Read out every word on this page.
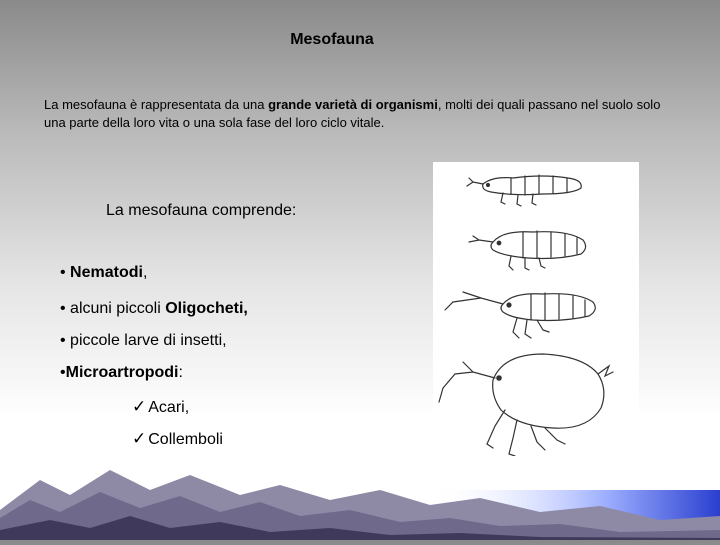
Mesofauna
La mesofauna è rappresentata da una grande varietà di organismi, molti dei quali passano nel suolo solo una parte della loro vita o una sola fase del loro ciclo vitale.
La mesofauna comprende:
• Nematodi,
• alcuni piccoli Oligocheti,
• piccole larve di insetti,
•Microartropodi:
✓ Acari,
✓ Collemboli
